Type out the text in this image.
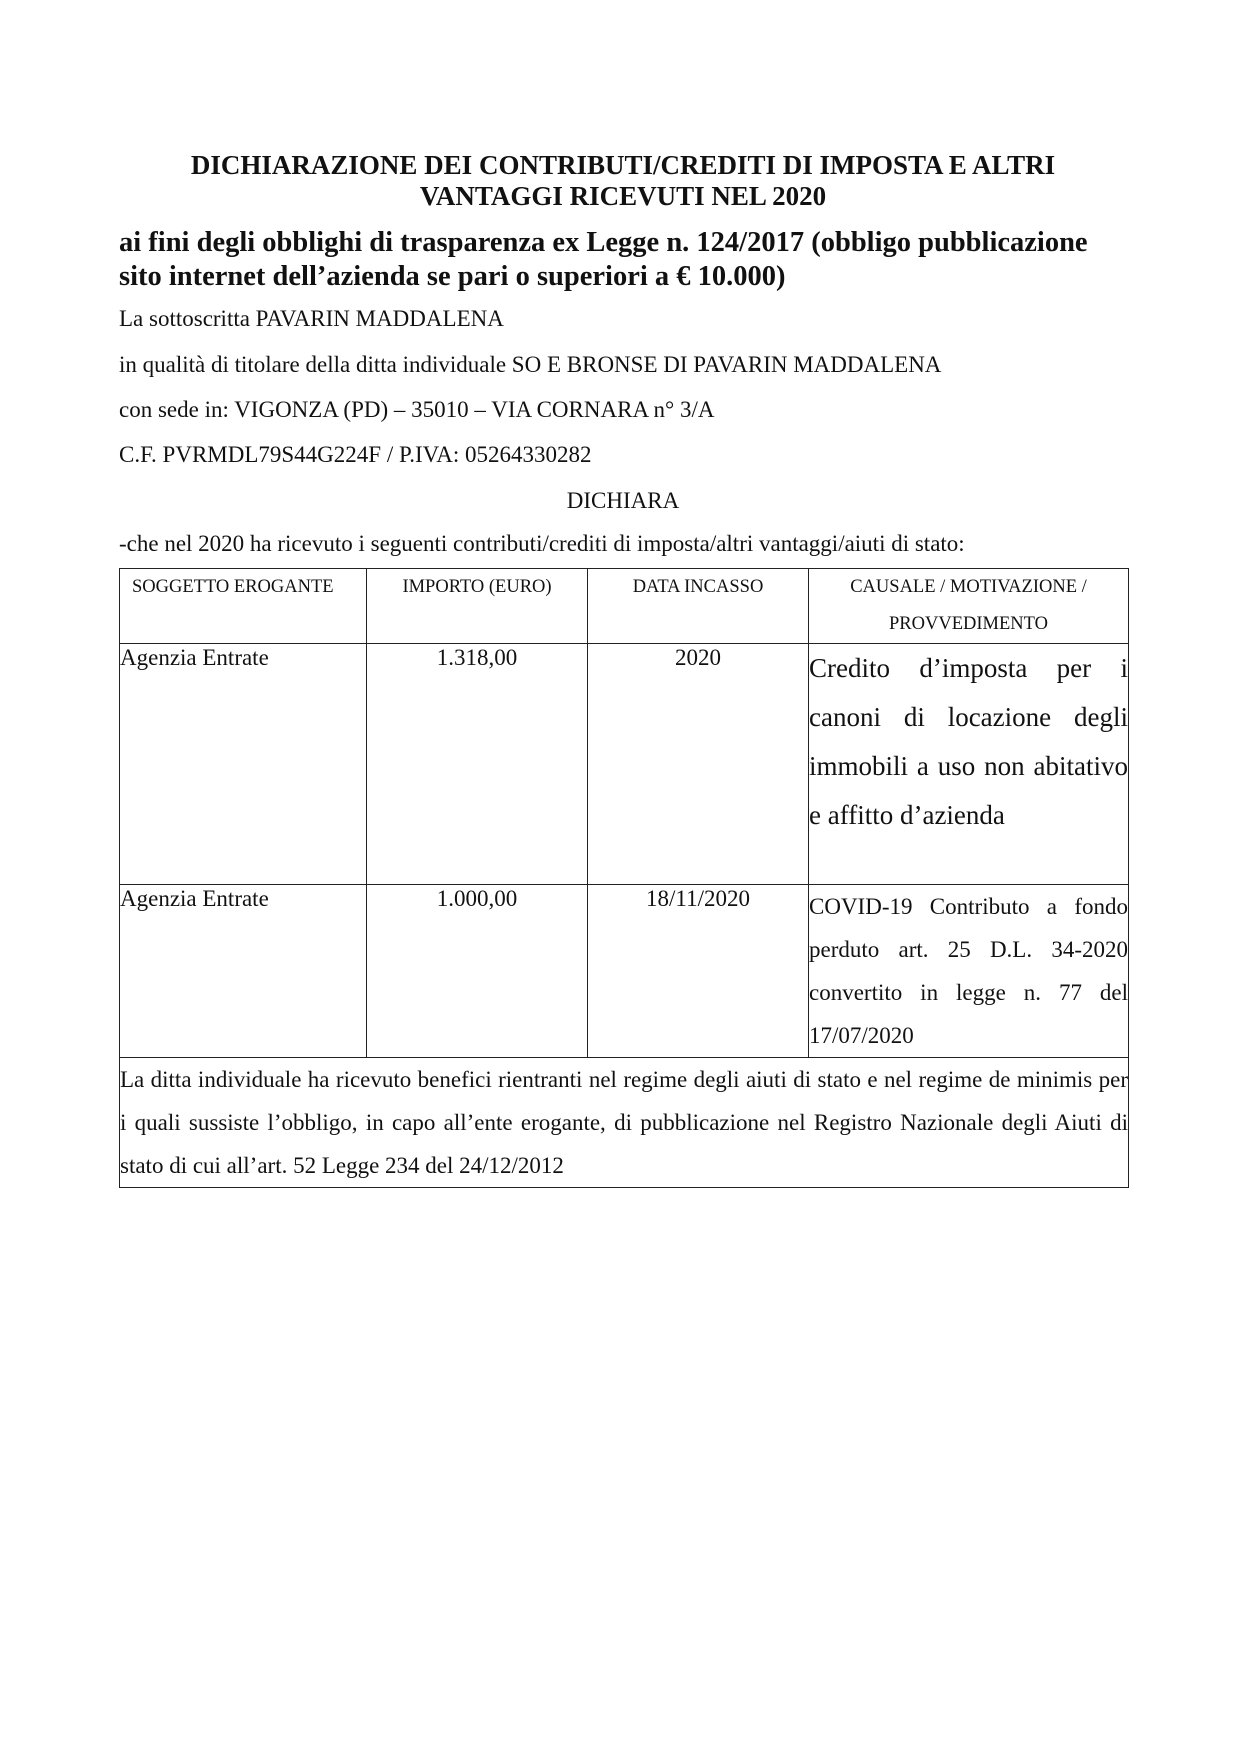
DICHIARAZIONE DEI CONTRIBUTI/CREDITI DI IMPOSTA E ALTRI
VANTAGGI RICEVUTI NEL 2020

ai fini degli obblighi di trasparenza ex Legge n. 124/2017 (obbligo pubblicazione
sito internet dell’azienda se pari o superiori a € 10.000)

La sottoscritta PAVARIN MADDALENA

in qualità di titolare della ditta individuale SO E BRONSE DI PAVARIN MADDALENA

con sede in: VIGONZA (PD) – 35010 – VIA CORNARA n° 3/A

C.F. PVRMDL79S44G224F / P.IVA: 05264330282

DICHIARA

-che nel 2020 ha ricevuto i seguenti contributi/crediti di imposta/altri vantaggi/aiuti di stato:

SOGGETTO EROGANTE	IMPORTO (EURO)	DATA INCASSO	CAUSALE / MOTIVAZIONE /
PROVVEDIMENTO
Agenzia Entrate	1.318,00	2020	Credito d’imposta per i canoni di locazione degli immobili a uso non abitativo e affitto d’azienda
Agenzia Entrate	1.000,00	18/11/2020	COVID-19 Contributo a fondo perduto art. 25 D.L. 34-2020 convertito in legge n. 77 del 17/07/2020
La ditta individuale ha ricevuto benefici rientranti nel regime degli aiuti di stato e nel regime de minimis per i quali sussiste l’obbligo, in capo all’ente erogante, di pubblicazione nel Registro Nazionale degli Aiuti di stato di cui all’art. 52 Legge 234 del 24/12/2012			
